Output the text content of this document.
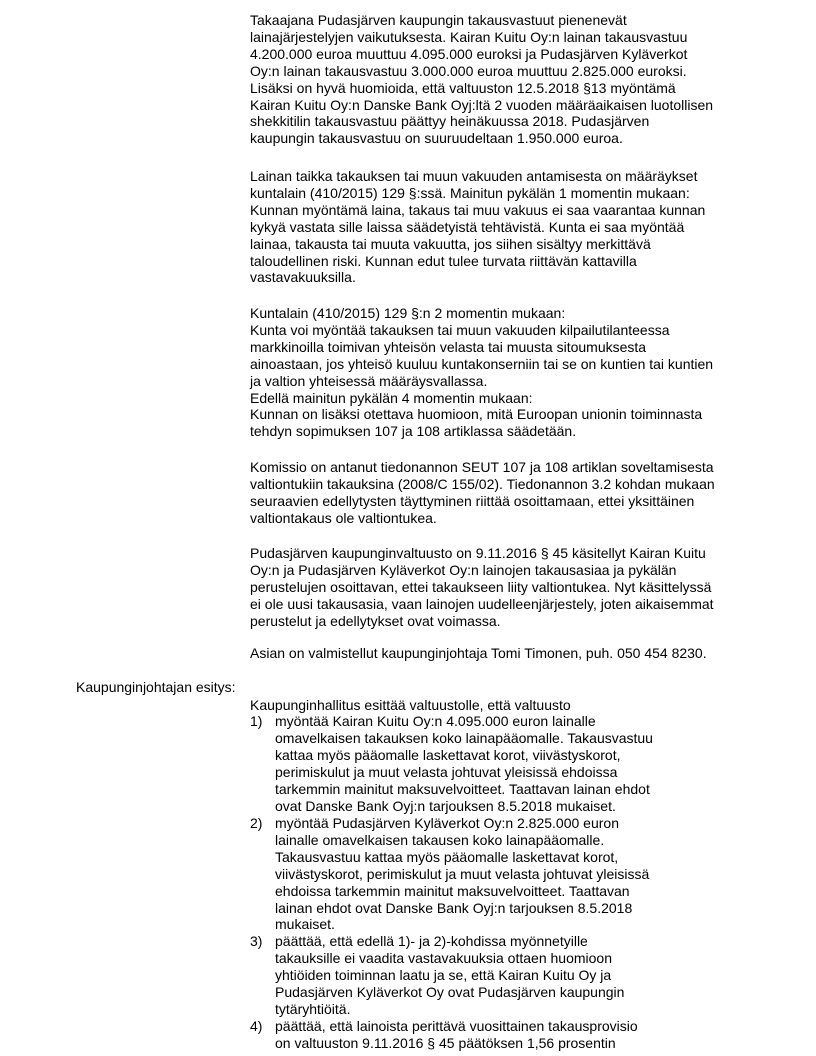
Takaajana Pudasjärven kaupungin takausvastuut pienenevät
lainajärjestelyjen vaikutuksesta. Kairan Kuitu Oy:n lainan takausvastuu
4.200.000 euroa muuttuu 4.095.000 euroksi ja Pudasjärven Kyläverkot
Oy:n lainan takausvastuu 3.000.000 euroa muuttuu 2.825.000 euroksi.
Lisäksi on hyvä huomioida, että valtuuston 12.5.2018 §13 myöntämä
Kairan Kuitu Oy:n Danske Bank Oyj:ltä 2 vuoden määräaikaisen luotollisen
shekkitilin takausvastuu päättyy heinäkuussa 2018. Pudasjärven
kaupungin takausvastuu on suuruudeltaan 1.950.000 euroa.

Lainan taikka takauksen tai muun vakuuden antamisesta on määräykset
kuntalain (410/2015) 129 §:ssä. Mainitun pykälän 1 momentin mukaan:
Kunnan myöntämä laina, takaus tai muu vakuus ei saa vaarantaa kunnan
kykyä vastata sille laissa säädetyistä tehtävistä. Kunta ei saa myöntää
lainaa, takausta tai muuta vakuutta, jos siihen sisältyy merkittävä
taloudellinen riski. Kunnan edut tulee turvata riittävän kattavilla
vastavakuuksilla.

Kuntalain (410/2015) 129 §:n 2 momentin mukaan:
Kunta voi myöntää takauksen tai muun vakuuden kilpailutilanteessa
markkinoilla toimivan yhteisön velasta tai muusta sitoumuksesta
ainoastaan, jos yhteisö kuuluu kuntakonserniin tai se on kuntien tai kuntien
ja valtion yhteisessä määräysvallassa.
Edellä mainitun pykälän 4 momentin mukaan:
Kunnan on lisäksi otettava huomioon, mitä Euroopan unionin toiminnasta
tehdyn sopimuksen 107 ja 108 artiklassa säädetään.

Komissio on antanut tiedonannon SEUT 107 ja 108 artiklan soveltamisesta
valtiontukiin takauksina (2008/C 155/02). Tiedonannon 3.2 kohdan mukaan
seuraavien edellytysten täyttyminen riittää osoittamaan, ettei yksittäinen
valtiontakaus ole valtiontukea.

Pudasjärven kaupunginvaltuusto on 9.11.2016 § 45 käsitellyt Kairan Kuitu
Oy:n ja Pudasjärven Kyläverkot Oy:n lainojen takausasiaa ja pykälän
perustelujen osoittavan, ettei takaukseen liity valtiontukea. Nyt käsittelyssä
ei ole uusi takausasia, vaan lainojen uudelleenjärjestely, joten aikaisemmat
perustelut ja edellytykset ovat voimassa.

Asian on valmistellut kaupunginjohtaja Tomi Timonen, puh. 050 454 8230.

Kaupunginjohtajan esitys:

Kaupunginhallitus esittää valtuustolle, että valtuusto

1) myöntää Kairan Kuitu Oy:n 4.095.000 euron lainalle
omavelkaisen takauksen koko lainapääomalle. Takausvastuu
kattaa myös pääomalle laskettavat korot, viivästyskorot,
perimiskulut ja muut velasta johtuvat yleisissä ehdoissa
tarkemmin mainitut maksuvelvoitteet. Taattavan lainan ehdot
ovat Danske Bank Oyj:n tarjouksen 8.5.2018 mukaiset.
2) myöntää Pudasjärven Kyläverkot Oy:n 2.825.000 euron
lainalle omavelkaisen takausen koko lainapääomalle.
Takausvastuu kattaa myös pääomalle laskettavat korot,
viivästyskorot, perimiskulut ja muut velasta johtuvat yleisissä
ehdoissa tarkemmin mainitut maksuvelvoitteet. Taattavan
lainan ehdot ovat Danske Bank Oyj:n tarjouksen 8.5.2018
mukaiset.
3) päättää, että edellä 1)- ja 2)-kohdissa myönnetyille
takauksille ei vaadita vastavakuuksia ottaen huomioon
yhtiöiden toiminnan laatu ja se, että Kairan Kuitu Oy ja
Pudasjärven Kyläverkot Oy ovat Pudasjärven kaupungin
tytäryhtiöitä.
4) päättää, että lainoista perittävä vuosittainen takausprovisio
on valtuuston 9.11.2016 § 45 päätöksen 1,56 prosentin
